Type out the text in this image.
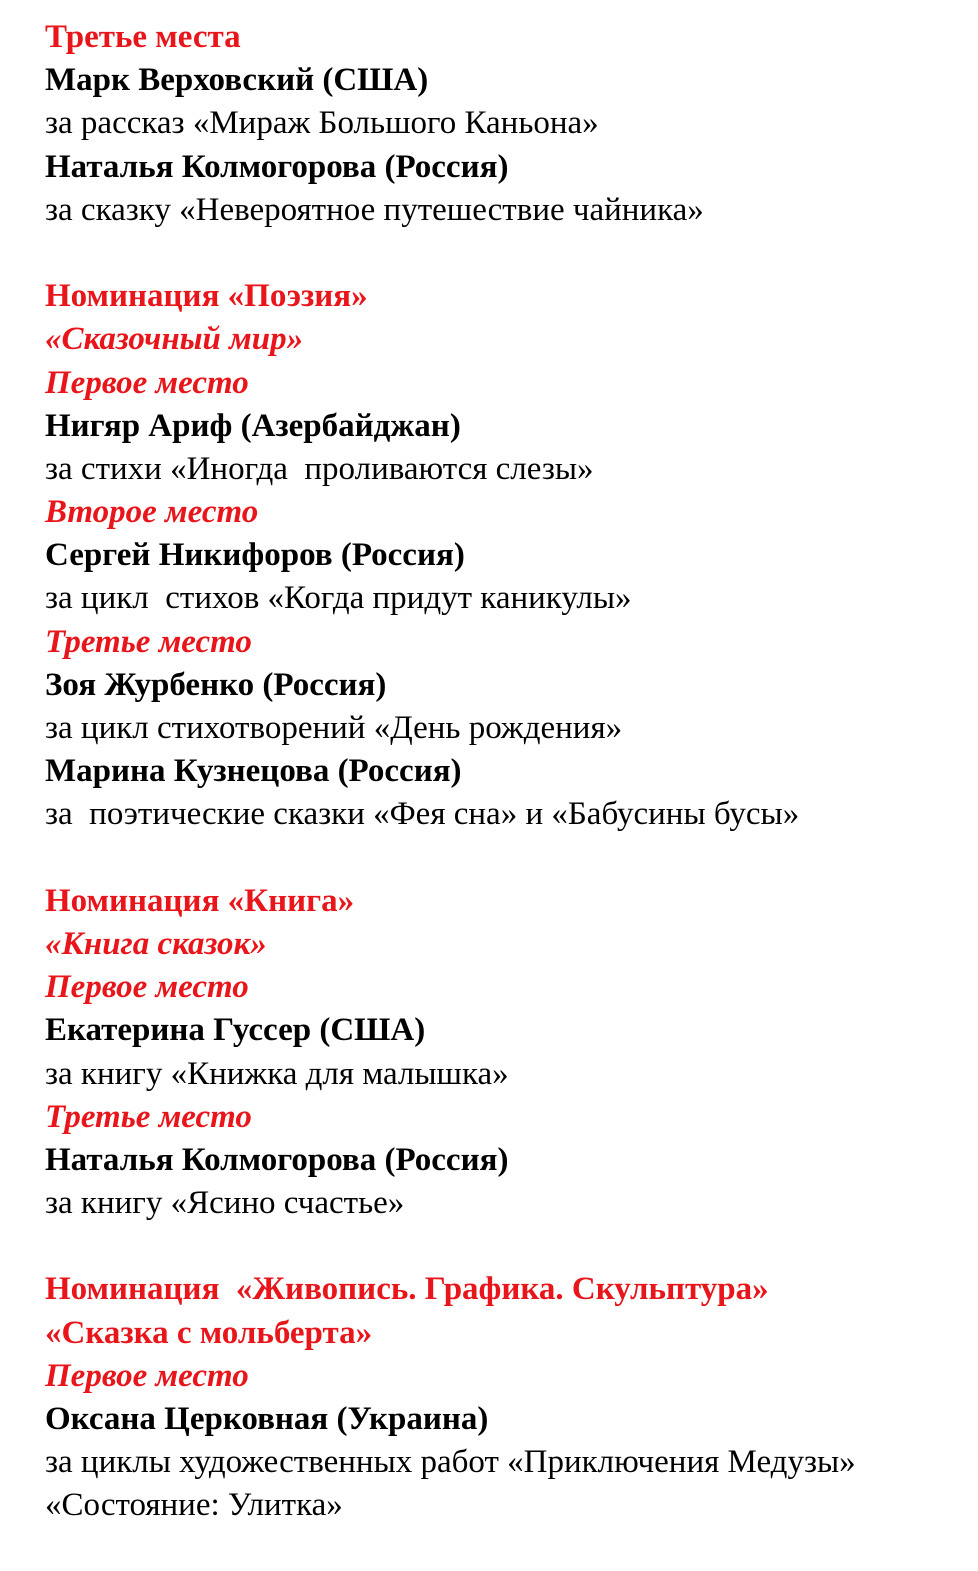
Третье места
Марк Верховский (США)
за рассказ «Мираж Большого Каньона»
Наталья Колмогорова (Россия)
за сказку «Невероятное путешествие чайника»
Номинация «Поэзия»
«Сказочный мир»
Первое место
Нигяр Ариф (Азербайджан)
за стихи «Иногда  проливаются слезы»
Второе место
Сергей Никифоров (Россия)
за цикл  стихов «Когда придут каникулы»
Третье место
Зоя Журбенко (Россия)
за цикл стихотворений «День рождения»
Марина Кузнецова (Россия)
за  поэтические сказки «Фея сна» и «Бабусины бусы»
Номинация «Книга»
«Книга сказок»
Первое место
Екатерина Гуссер (США)
за книгу «Книжка для малышка»
Третье место
Наталья Колмогорова (Россия)
за книгу «Ясино счастье»
Номинация  «Живопись. Графика. Скульптура»
«Сказка с мольберта»
Первое место
Оксана Церковная (Украина)
за циклы художественных работ «Приключения Медузы»
«Состояние: Улитка»
